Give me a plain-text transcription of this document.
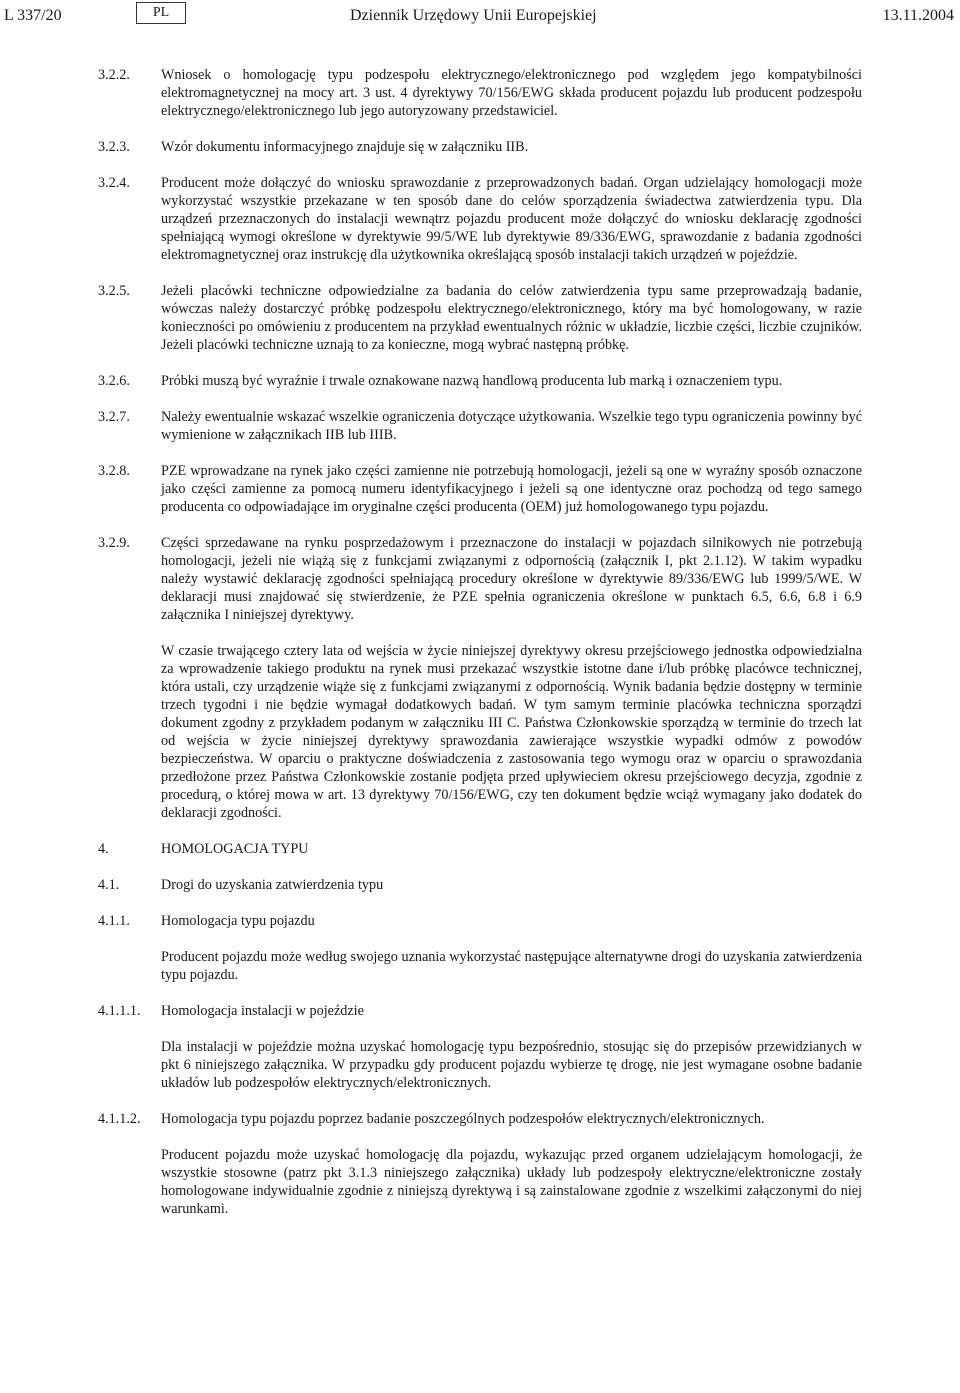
L 337/20	PL	Dziennik Urzędowy Unii Europejskiej	13.11.2004
3.2.2. Wniosek o homologację typu podzespołu elektrycznego/elektronicznego pod względem jego kompatybilności elektromagnetycznej na mocy art. 3 ust. 4 dyrektywy 70/156/EWG składa producent pojazdu lub producent podzespołu elektrycznego/elektronicznego lub jego autoryzowany przedstawiciel.

3.2.3. Wzór dokumentu informacyjnego znajduje się w załączniku IIB.

3.2.4. Producent może dołączyć do wniosku sprawozdanie z przeprowadzonych badań. Organ udzielający homologacji może wykorzystać wszystkie przekazane w ten sposób dane do celów sporządzenia świadectwa zatwierdzenia typu. Dla urządzeń przeznaczonych do instalacji wewnątrz pojazdu producent może dołączyć do wniosku deklarację zgodności spełniającą wymogi określone w dyrektywie 99/5/WE lub dyrektywie 89/336/EWG, sprawozdanie z badania zgodności elektromagnetycznej oraz instrukcję dla użytkownika określającą sposób instalacji takich urządzeń w pojeździe.

3.2.5. Jeżeli placówki techniczne odpowiedzialne za badania do celów zatwierdzenia typu same przeprowadzają badanie, wówczas należy dostarczyć próbkę podzespołu elektrycznego/elektronicznego, który ma być homologowany, w razie konieczności po omówieniu z producentem na przykład ewentualnych różnic w układzie, liczbie części, liczbie czujników. Jeżeli placówki techniczne uznają to za konieczne, mogą wybrać następną próbkę.

3.2.6. Próbki muszą być wyraźnie i trwale oznakowane nazwą handlową producenta lub marką i oznaczeniem typu.

3.2.7. Należy ewentualnie wskazać wszelkie ograniczenia dotyczące użytkowania. Wszelkie tego typu ograniczenia powinny być wymienione w załącznikach IIB lub IIIB.

3.2.8. PZE wprowadzane na rynek jako części zamienne nie potrzebują homologacji, jeżeli są one w wyraźny sposób oznaczone jako części zamienne za pomocą numeru identyfikacyjnego i jeżeli są one identyczne oraz pochodzą od tego samego producenta co odpowiadające im oryginalne części producenta (OEM) już homologowanego typu pojazdu.

3.2.9. Części sprzedawane na rynku posprzedażowym i przeznaczone do instalacji w pojazdach silnikowych nie potrzebują homologacji, jeżeli nie wiążą się z funkcjami związanymi z odpornością (załącznik I, pkt 2.1.12). W takim wypadku należy wystawić deklarację zgodności spełniającą procedury określone w dyrektywie 89/336/EWG lub 1999/5/WE. W deklaracji musi znajdować się stwierdzenie, że PZE spełnia ograniczenia określone w punktach 6.5, 6.6, 6.8 i 6.9 załącznika I niniejszej dyrektywy.

W czasie trwającego cztery lata od wejścia w życie niniejszej dyrektywy okresu przejściowego jednostka odpowiedzialna za wprowadzenie takiego produktu na rynek musi przekazać wszystkie istotne dane i/lub próbkę placówce technicznej, która ustali, czy urządzenie wiąże się z funkcjami związanymi z odpornością. Wynik badania będzie dostępny w terminie trzech tygodni i nie będzie wymagał dodatkowych badań. W tym samym terminie placówka techniczna sporządzi dokument zgodny z przykładem podanym w załączniku III C. Państwa Członkowskie sporządzą w terminie do trzech lat od wejścia w życie niniejszej dyrektywy sprawozdania zawierające wszystkie wypadki odmów z powodów bezpieczeństwa. W oparciu o praktyczne doświadczenia z zastosowania tego wymogu oraz w oparciu o sprawozdania przedłożone przez Państwa Członkowskie zostanie podjęta przed upływieciem okresu przejściowego decyzja, zgodnie z procedurą, o której mowa w art. 13 dyrektywy 70/156/EWG, czy ten dokument będzie wciąż wymagany jako dodatek do deklaracji zgodności.

4.	HOMOLOGACJA TYPU

4.1.	Drogi do uzyskania zatwierdzenia typu

4.1.1. Homologacja typu pojazdu

Producent pojazdu może według swojego uznania wykorzystać następujące alternatywne drogi do uzyskania zatwierdzenia typu pojazdu.

4.1.1.1. Homologacja instalacji w pojeździe

Dla instalacji w pojeździe można uzyskać homologację typu bezpośrednio, stosując się do przepisów przewidzianych w pkt 6 niniejszego załącznika. W przypadku gdy producent pojazdu wybierze tę drogę, nie jest wymagane osobne badanie układów lub podzespołów elektrycznych/elektronicznych.

4.1.1.2. Homologacja typu pojazdu poprzez badanie poszczególnych podzespołów elektrycznych/elektronicznych.

Producent pojazdu może uzyskać homologację dla pojazdu, wykazując przed organem udzielającym homologacji, że wszystkie stosowne (patrz pkt 3.1.3 niniejszego załącznika) układy lub podzespoły elektryczne/elektroniczne zostały homologowane indywidualnie zgodnie z niniejszą dyrektywą i są zainstalowane zgodnie z wszelkimi załączonymi do niej warunkami.
